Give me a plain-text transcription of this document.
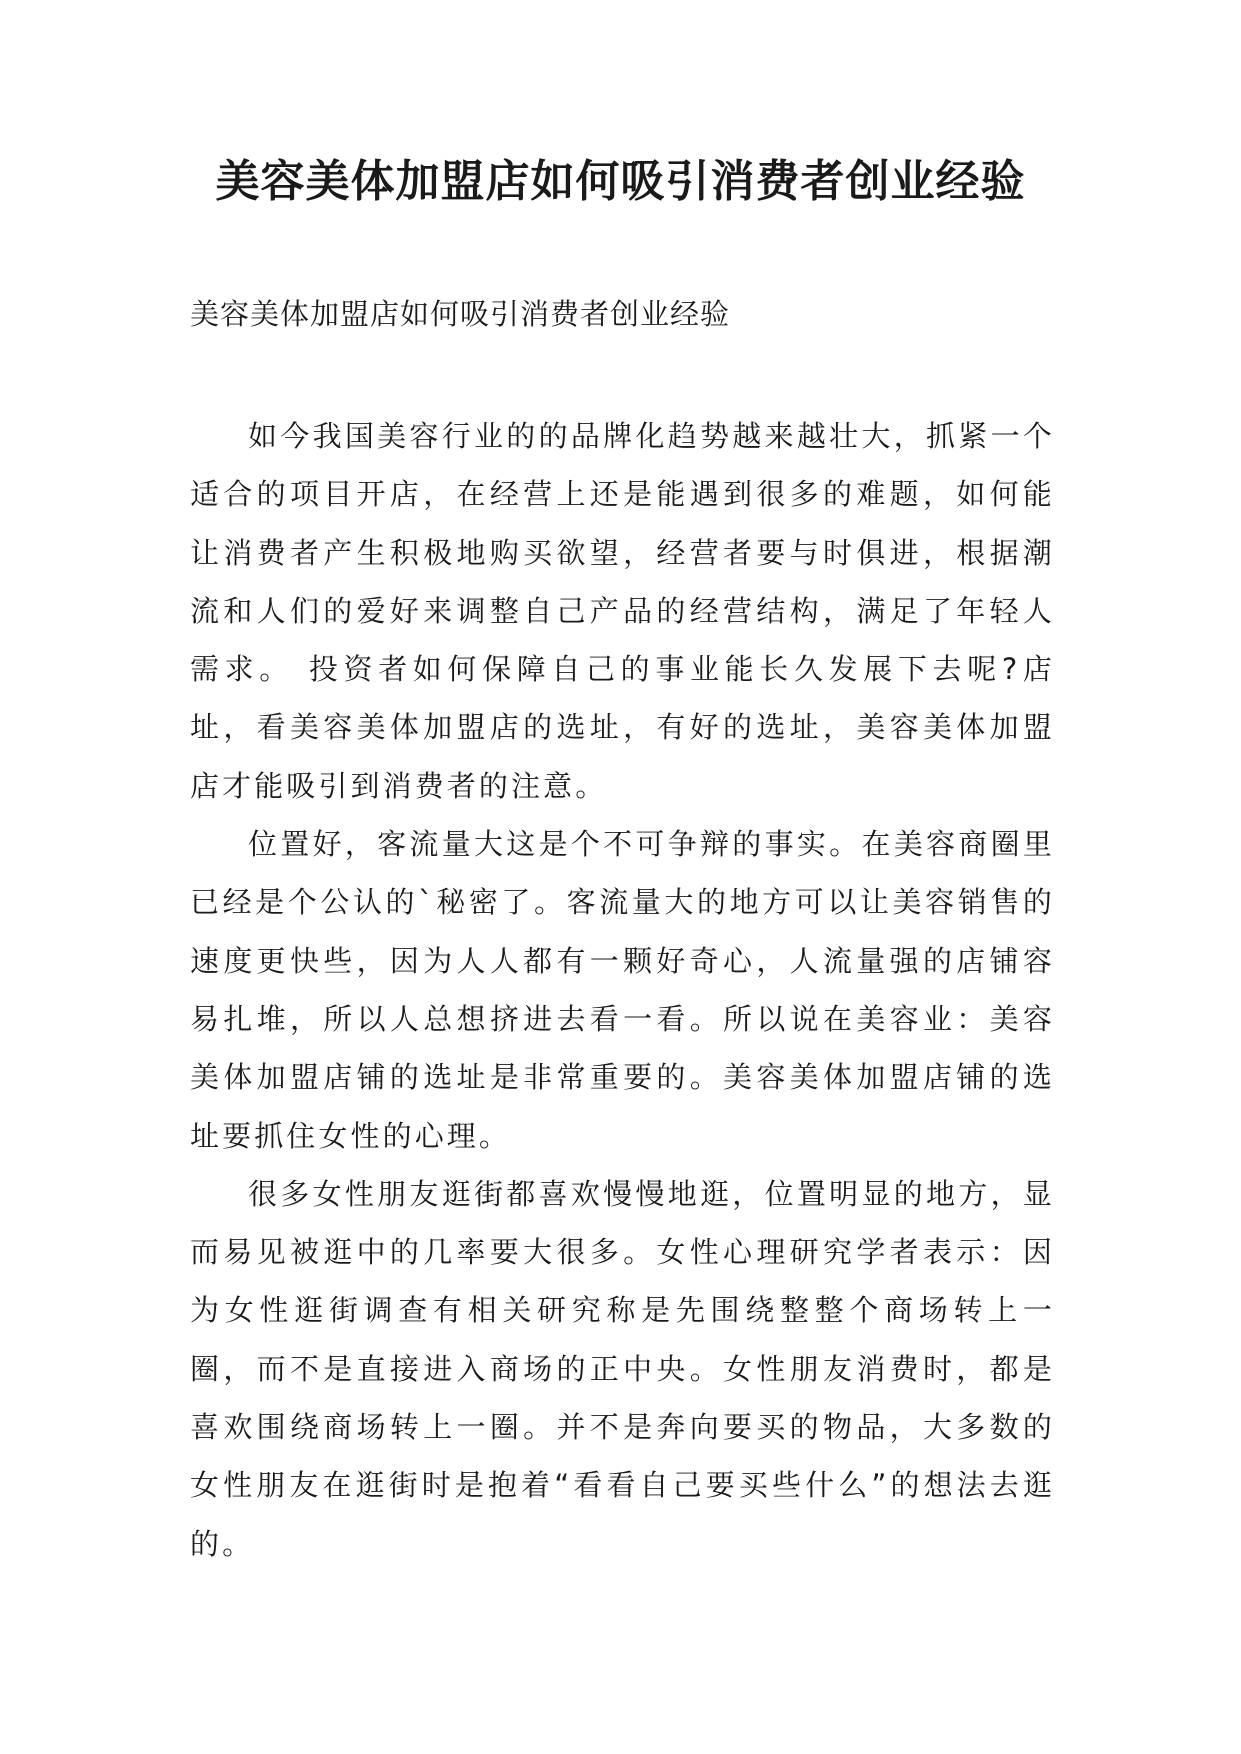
美容美体加盟店如何吸引消费者创业经验
美容美体加盟店如何吸引消费者创业经验

如今我国美容行业的的品牌化趋势越来越壮大，抓紧一个适合的项目开店，在经营上还是能遇到很多的难题，如何能让消费者产生积极地购买欲望，经营者要与时俱进，根据潮流和人们的爱好来调整自己产品的经营结构，满足了年轻人需求。 投资者如何保障自己的事业能长久发展下去呢?店址，看美容美体加盟店的选址，有好的选址，美容美体加盟店才能吸引到消费者的注意。

位置好，客流量大这是个不可争辩的事实。在美容商圈里已经是个公认的`秘密了。客流量大的地方可以让美容销售的速度更快些，因为人人都有一颗好奇心，人流量强的店铺容易扎堆，所以人总想挤进去看一看。所以说在美容业：美容美体加盟店铺的选址是非常重要的。美容美体加盟店铺的选址要抓住女性的心理。

很多女性朋友逛街都喜欢慢慢地逛，位置明显的地方，显而易见被逛中的几率要大很多。女性心理研究学者表示：因为女性逛街调查有相关研究称是先围绕整整个商场转上一圈，而不是直接进入商场的正中央。女性朋友消费时，都是喜欢围绕商场转上一圈。并不是奔向要买的物品，大多数的女性朋友在逛街时是抱着“看看自己要买些什么”的想法去逛的。
